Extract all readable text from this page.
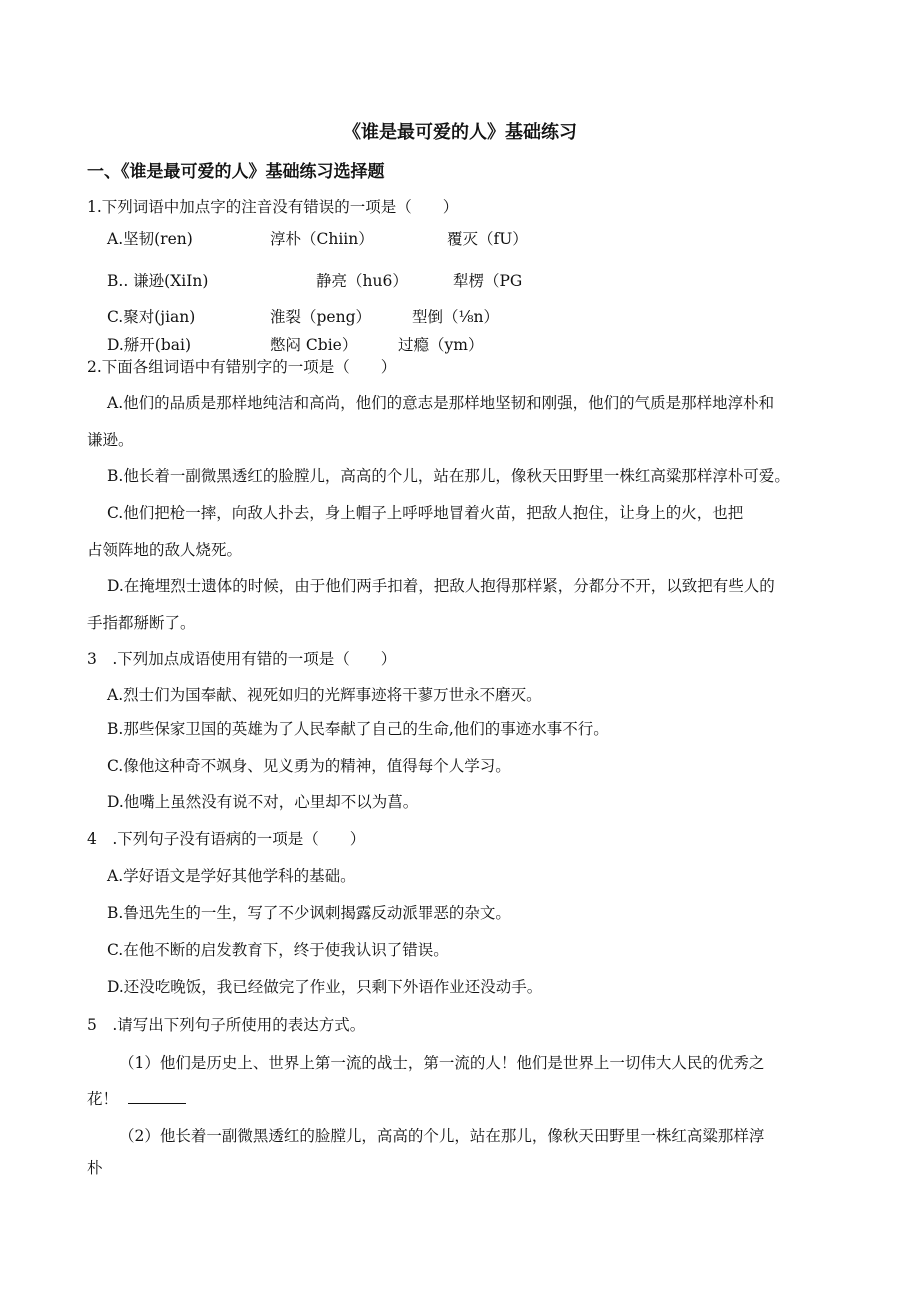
《谁是最可爱的人》基础练习
一、《谁是最可爱的人》基础练习选择题
1.下列词语中加点字的注音没有错误的一项是（　　）
A.坚韧(ren)	淳朴（Chiin）	覆灭（fU）
B.. 谦逊(XiIn)	静亮（hu6）	犁楞（PG
C.聚对(jian)	淮裂（peng）	型倒（⅛n）
D.掰开(bai)	憋闷 Cbie）	过瘾（ym）
2.下面各组词语中有错别字的一项是（　　）
A.他们的品质是那样地纯洁和高尚，他们的意志是那样地坚韧和刚强，他们的气质是那样地淳朴和
谦逊。
B.他长着一副微黑透红的脸膛儿，高高的个儿，站在那儿，像秋天田野里一株红高粱那样淳朴可爱。
C.他们把枪一摔，向敌人扑去，身上帽子上呼呼地冒着火苗，把敌人抱住，让身上的火，也把
占领阵地的敌人烧死。
D.在掩埋烈士遗体的时候，由于他们两手扣着，把敌人抱得那样紧，分都分不开，以致把有些人的
手指都掰断了。
3　.下列加点成语使用有错的一项是（　　）
A.烈士们为国奉献、视死如归的光辉事迹将干蓼万世永不磨灭。
B.那些保家卫国的英雄为了人民奉献了自己的生命,他们的事迹水事不行。
C.像他这种奇不飒身、见义勇为的精神，值得每个人学习。
D.他嘴上虽然没有说不对，心里却不以为菖。
4　.下列句子没有语病的一项是（　　）
A.学好语文是学好其他学科的基础。
B.鲁迅先生的一生，写了不少讽刺揭露反动派罪恶的杂文。
C.在他不断的启发教育下，终于使我认识了错误。
D.还没吃晚饭，我已经做完了作业，只剩下外语作业还没动手。
5　.请写出下列句子所使用的表达方式。
（1）他们是历史上、世界上第一流的战士，第一流的人！他们是世界上一切伟大人民的优秀之
花！
（2）他长着一副微黑透红的脸膛儿，高高的个儿，站在那儿，像秋天田野里一株红高粱那样淳
朴
